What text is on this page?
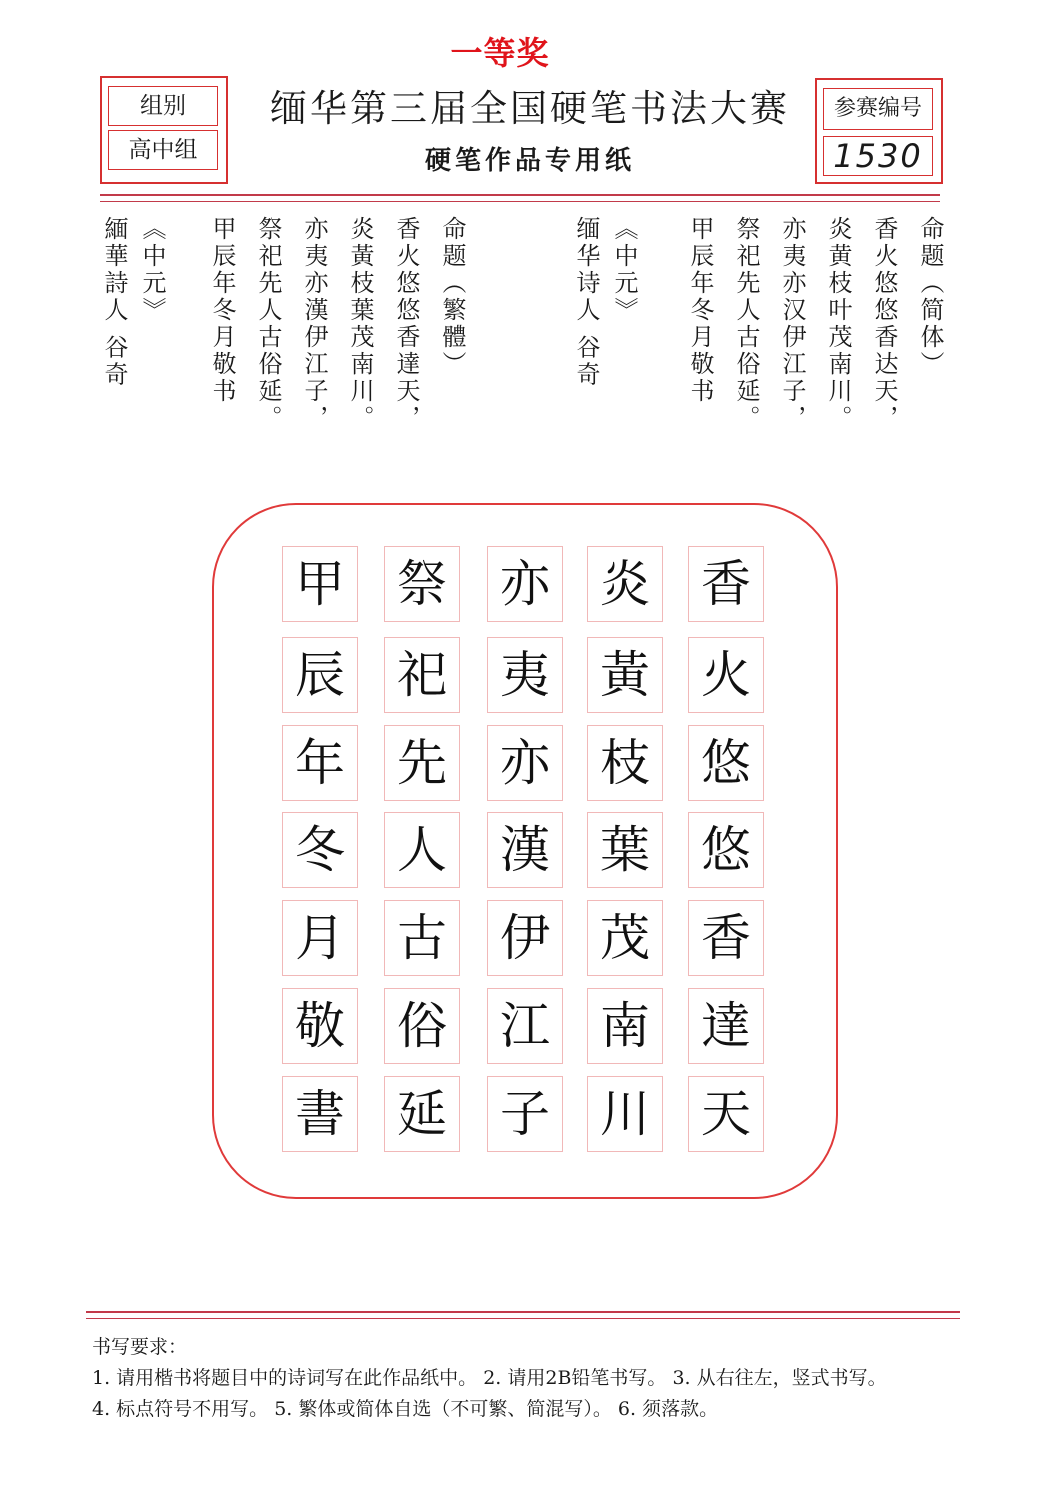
一等奖
组别
高中组
缅华第三届全国硬笔书法大赛
硬笔作品专用纸
参赛编号
1530
命题（简体）
香火悠悠香达天，
炎黄枝叶茂南川。
亦夷亦汉伊江子，
祭祀先人古俗延。
甲辰年冬月敬书
《中元》
缅华诗人 谷奇
命题（繁體）
香火悠悠香達天，
炎黃枝葉茂南川。
亦夷亦漢伊江子，
祭祀先人古俗延。
甲辰年冬月敬书
《中元》
緬華詩人 谷奇
香
火
悠
悠
香
達
天
炎
黃
枝
葉
茂
南
川
亦
夷
亦
漢
伊
江
子
祭
祀
先
人
古
俗
延
甲
辰
年
冬
月
敬
書
书写要求：
1. 请用楷书将题目中的诗词写在此作品纸中。 2. 请用2B铅笔书写。 3. 从右往左，竖式书写。
4. 标点符号不用写。 5. 繁体或简体自选（不可繁、简混写）。 6. 须落款。
